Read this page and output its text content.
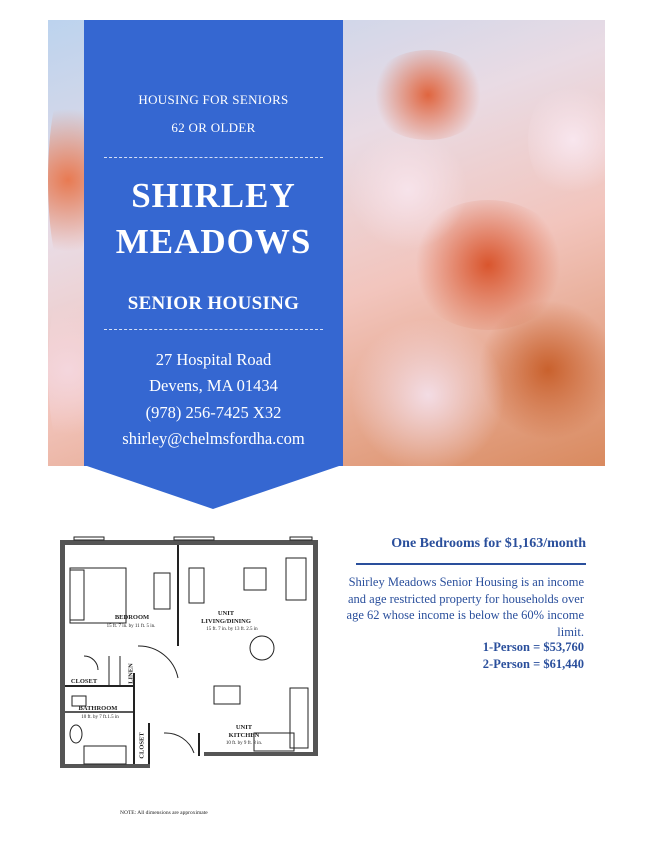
HOUSING FOR SENIORS
62 OR OLDER
SHIRLEY
MEADOWS
SENIOR HOUSING
27 Hospital Road
Devens, MA 01434
(978) 256-7425 X32
shirley@chelmsfordha.com
BEDROOM
15 ft. 7 in. by 11 ft. 5 in.
UNIT
LIVING/DINING
15 ft. 7 in. by 13 ft. 2.5 in
CLOSET	LINEN
BATHROOM
10 ft. by 7 ft.1.5 in
CLOSET
UNIT
KITCHEN
10 ft. by 9 ft. 8 in.
NOTE: All dimensions are approximate
One Bedrooms for $1,163/month
Shirley Meadows Senior Housing is an income and age restricted property for households over age 62 whose income is below the 60% income limit.
1-Person = $53,760
2-Person = $61,440
